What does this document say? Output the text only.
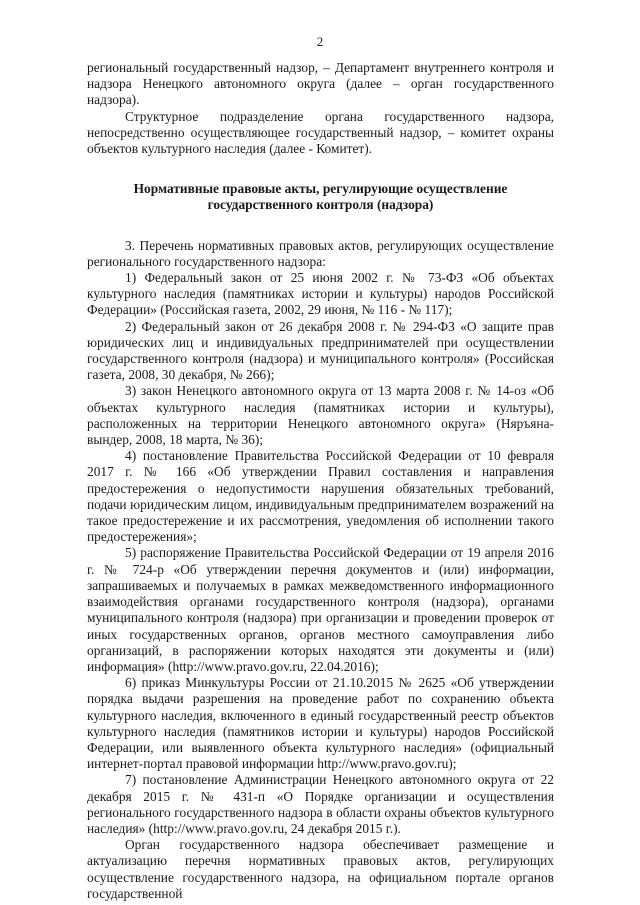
2

региональный государственный надзор, – Департамент внутреннего контроля и надзора Ненецкого автономного округа (далее – орган государственного надзора).

Структурное подразделение органа государственного надзора, непосредственно осуществляющее государственный надзор, – комитет охраны объектов культурного наследия (далее - Комитет).

Нормативные правовые акты, регулирующие осуществление
государственного контроля (надзора)

3. Перечень нормативных правовых актов, регулирующих осуществление регионального государственного надзора:

1) Федеральный закон от 25 июня 2002 г. № 73-ФЗ «Об объектах культурного наследия (памятниках истории и культуры) народов Российской Федерации» (Российская газета, 2002, 29 июня, № 116 - № 117);

2) Федеральный закон от 26 декабря 2008 г. № 294-ФЗ «О защите прав юридических лиц и индивидуальных предпринимателей при осуществлении государственного контроля (надзора) и муниципального контроля» (Российская газета, 2008, 30 декабря, № 266);

3) закон Ненецкого автономного округа от 13 марта 2008 г. № 14-оз «Об объектах культурного наследия (памятниках истории и культуры), расположенных на территории Ненецкого автономного округа» (Няръяна-вындер, 2008, 18 марта, № 36);

4) постановление Правительства Российской Федерации от 10 февраля 2017 г. № 166 «Об утверждении Правил составления и направления предостережения о недопустимости нарушения обязательных требований, подачи юридическим лицом, индивидуальным предпринимателем возражений на такое предостережение и их рассмотрения, уведомления об исполнении такого предостережения»;

5) распоряжение Правительства Российской Федерации от 19 апреля 2016 г. № 724-р «Об утверждении перечня документов и (или) информации, запрашиваемых и получаемых в рамках межведомственного информационного взаимодействия органами государственного контроля (надзора), органами муниципального контроля (надзора) при организации и проведении проверок от иных государственных органов, органов местного самоуправления либо организаций, в распоряжении которых находятся эти документы и (или) информация» (http://www.pravo.gov.ru, 22.04.2016);

6) приказ Минкультуры России от 21.10.2015 № 2625 «Об утверждении порядка выдачи разрешения на проведение работ по сохранению объекта культурного наследия, включенного в единый государственный реестр объектов культурного наследия (памятников истории и культуры) народов Российской Федерации, или выявленного объекта культурного наследия» (официальный интернет-портал правовой информации http://www.pravo.gov.ru);

7) постановление Администрации Ненецкого автономного округа от 22 декабря 2015 г. № 431-п «О Порядке организации и осуществления регионального государственного надзора в области охраны объектов культурного наследия» (http://www.pravo.gov.ru, 24 декабря 2015 г.).

Орган государственного надзора обеспечивает размещение и актуализацию перечня нормативных правовых актов, регулирующих осуществление государственного надзора, на официальном портале органов государственной
